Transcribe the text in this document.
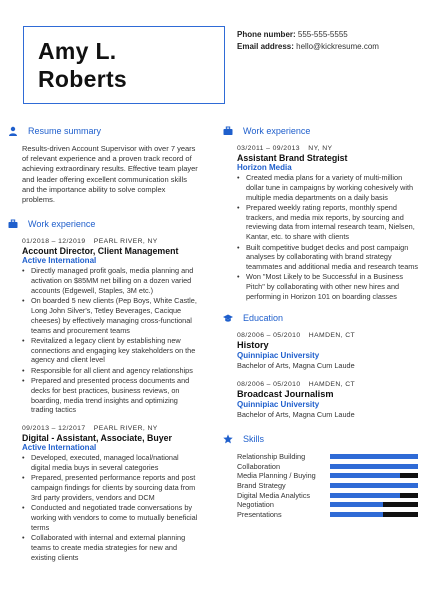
Amy L.
Roberts
Phone number: 555-555-5555
Email address: hello@kickresume.com
Resume summary
Results-driven Account Supervisor with over 7 years of relevant experience and a proven track record of achieving extraordinary results. Effective team player and leader offering excellent communication skills and the importance ability to solve complex problems.
Work experience
01/2018 – 12/2019 PEARL RIVER, NY
Account Director, Client Management
Active International
• Directly managed profit goals, media planning and activation on $85MM net billing on a dozen varied accounts (Edgewell, Staples, 3M etc.)
• On boarded 5 new clients (Pep Boys, White Castle, Long John Silver's, Tetley Beverages, Cacique cheeses) by effectively managing cross-functional teams and procurement teams
• Revitalized a legacy client by establishing new connections and engaging key stakeholders on the agency and client level
• Responsible for all client and agency relationships
• Prepared and presented process documents and decks for best practices, business reviews, on boarding, media trend insights and optimizing trading tactics
09/2013 – 12/2017 PEARL RIVER, NY
Digital - Assistant, Associate, Buyer
Active International
• Developed, executed, managed local/national digital media buys in several categories
• Prepared, presented performance reports and post campaign findings for clients by sourcing data from 3rd party providers, vendors and DCM
• Conducted and negotiated trade conversations by working with vendors to come to mutually beneficial terms
• Collaborated with internal and external planning teams to create media strategies for new and existing clients
Work experience
03/2011 – 09/2013 NY, NY
Assistant Brand Strategist
Horizon Media
• Created media plans for a variety of multi-million dollar tune in campaigns by working cohesively with multiple media departments on a daily basis
• Prepared weekly rating reports, monthly spend trackers, and media mix reports, by sourcing and reviewing data from internal research team, Nielsen, Kantar, etc. to share with clients
• Built competitive budget decks and post campaign analyses by collaborating with brand strategy teammates and additional media and research teams
• Won "Most Likely to be Successful in a Business Pitch" by collaborating with other new hires and performing in Horizon 101 on boarding classes
Education
08/2006 – 05/2010 HAMDEN, CT
History
Quinnipiac University
Bachelor of Arts, Magna Cum Laude
08/2006 – 05/2010 HAMDEN, CT
Broadcast Journalism
Quinnipiac University
Bachelor of Arts, Magna Cum Laude
Skills
Relationship Building
Collaboration
Media Planning / Buying
Brand Strategy
Digital Media Analytics
Negotiation
Presentations
